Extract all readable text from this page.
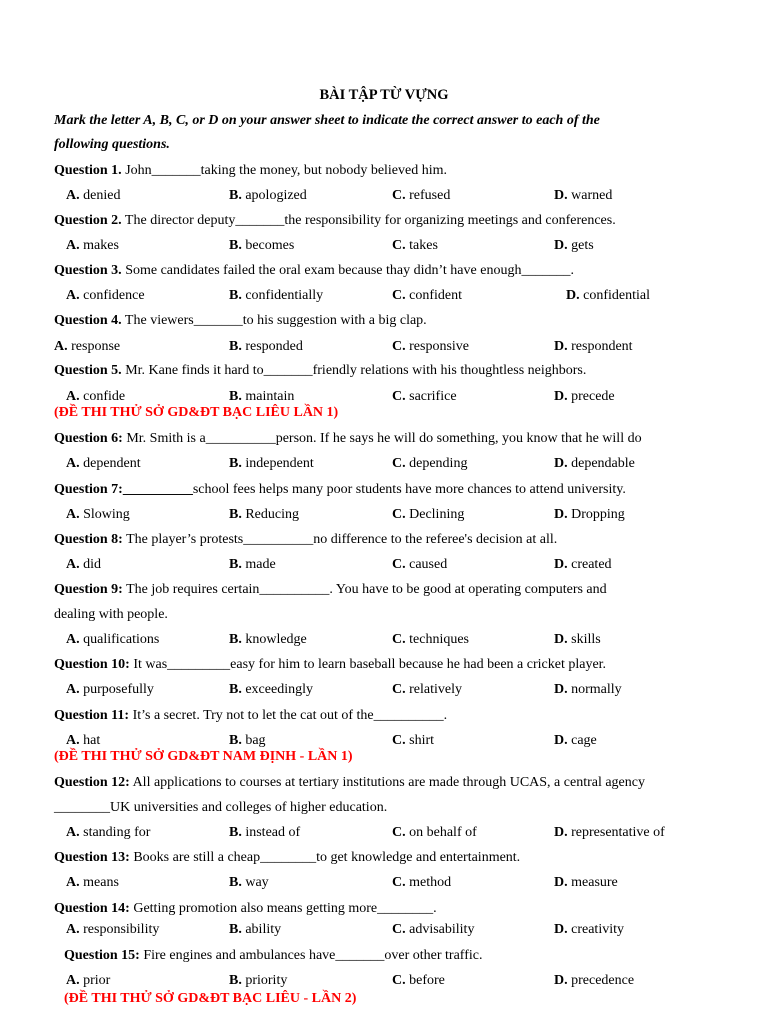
BÀI TẬP TỪ VỰNG
Mark the letter A, B, C, or D on your answer sheet to indicate the correct answer to each of the
following questions.
Question 1. John_______taking the money, but nobody believed him.
A. denied	B. apologized	C. refused	D. warned
Question 2. The director deputy_______the responsibility for organizing meetings and conferences.
A. makes	B. becomes	C. takes	D. gets
Question 3. Some candidates failed the oral exam because thay didn’t have enough_______.
A. confidence	B. confidentially	C. confident	D. confidential
Question 4. The viewers_______to his suggestion with a big clap.
A. response	B. responded	C. responsive	D. respondent
Question 5. Mr. Kane finds it hard to_______friendly relations with his thoughtless neighbors.
A. confide	B. maintain	C. sacrifice	D. precede
(ĐỀ THI THỬ SỞ GD&ĐT BẠC LIÊU LẦN 1)
Question 6: Mr. Smith is a__________person. If he says he will do something, you know that he will do
A. dependent	B. independent	C. depending	D. dependable
Question 7:__________school fees helps many poor students have more chances to attend university.
A. Slowing	B. Reducing	C. Declining	D. Dropping
Question 8: The player’s protests__________no difference to the referee's decision at all.
A. did	B. made	C. caused	D. created
Question 9: The job requires certain__________. You have to be good at operating computers and
dealing with people.
A. qualifications	B. knowledge	C. techniques	D. skills
Question 10: It was_________easy for him to learn baseball because he had been a cricket player.
A. purposefully	B. exceedingly	C. relatively	D. normally
Question 11: It’s a secret. Try not to let the cat out of the__________.
A. hat	B. bag	C. shirt	D. cage
(ĐỀ THI THỬ SỞ GD&ĐT NAM ĐỊNH - LẦN 1)
Question 12: All applications to courses at tertiary institutions are made through UCAS, a central agency
________UK universities and colleges of higher education.
A. standing for	B. instead of	C. on behalf of	D. representative of
Question 13: Books are still a cheap________to get knowledge and entertainment.
A. means	B. way	C. method	D. measure
Question 14: Getting promotion also means getting more________.
A. responsibility	B. ability	C. advisability	D. creativity
Question 15: Fire engines and ambulances have_______over other traffic.
A. prior	B. priority	C. before	D. precedence
(ĐỀ THI THỬ SỞ GD&ĐT BẠC LIÊU - LẦN 2)
